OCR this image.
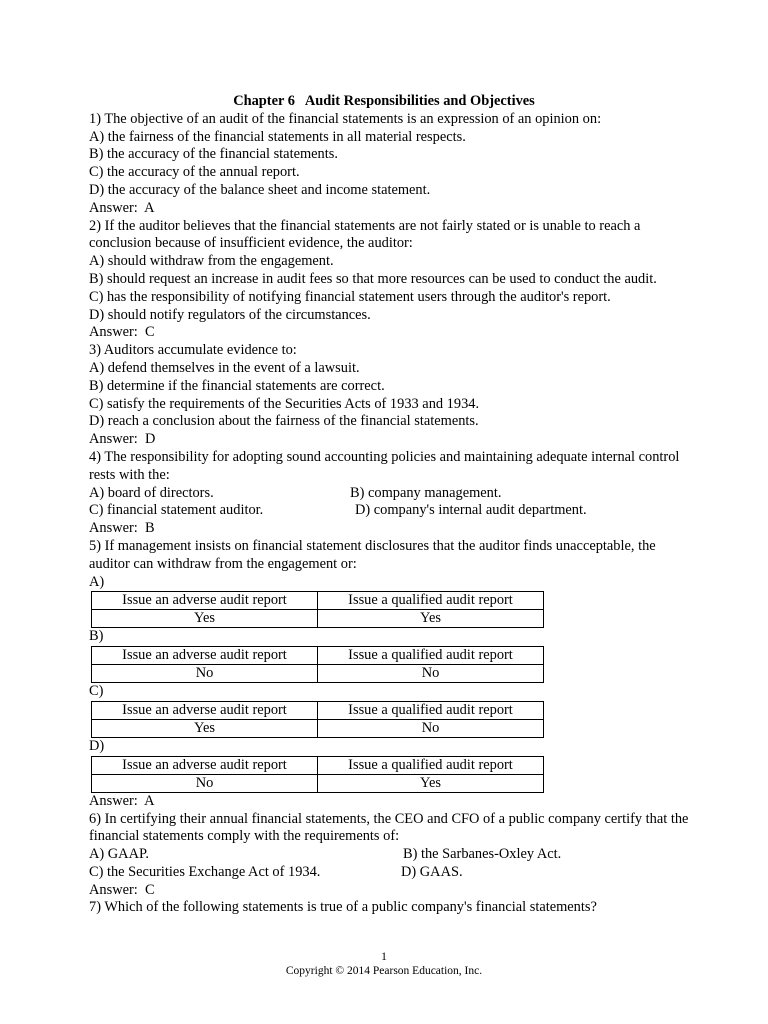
Chapter 6   Audit Responsibilities and Objectives
1) The objective of an audit of the financial statements is an expression of an opinion on:
A) the fairness of the financial statements in all material respects.
B) the accuracy of the financial statements.
C) the accuracy of the annual report.
D) the accuracy of the balance sheet and income statement.
Answer:  A
2) If the auditor believes that the financial statements are not fairly stated or is unable to reach a conclusion because of insufficient evidence, the auditor:
A) should withdraw from the engagement.
B) should request an increase in audit fees so that more resources can be used to conduct the audit.
C) has the responsibility of notifying financial statement users through the auditor's report.
D) should notify regulators of the circumstances.
Answer:  C
3) Auditors accumulate evidence to:
A) defend themselves in the event of a lawsuit.
B) determine if the financial statements are correct.
C) satisfy the requirements of the Securities Acts of 1933 and 1934.
D) reach a conclusion about the fairness of the financial statements.
Answer:  D
4) The responsibility for adopting sound accounting policies and maintaining adequate internal control rests with the:
A) board of directors.	B) company management.
C) financial statement auditor.	D) company's internal audit department.
Answer:  B
5) If management insists on financial statement disclosures that the auditor finds unacceptable, the auditor can withdraw from the engagement or:
A)
Issue an adverse audit report	Issue a qualified audit report
Yes	Yes
B)
Issue an adverse audit report	Issue a qualified audit report
No	No
C)
Issue an adverse audit report	Issue a qualified audit report
Yes	No
D)
Issue an adverse audit report	Issue a qualified audit report
No	Yes
Answer:  A
6) In certifying their annual financial statements, the CEO and CFO of a public company certify that the financial statements comply with the requirements of:
A) GAAP.	B) the Sarbanes-Oxley Act.
C) the Securities Exchange Act of 1934.	D) GAAS.
Answer:  C
7) Which of the following statements is true of a public company's financial statements?
1
Copyright © 2014 Pearson Education, Inc.
